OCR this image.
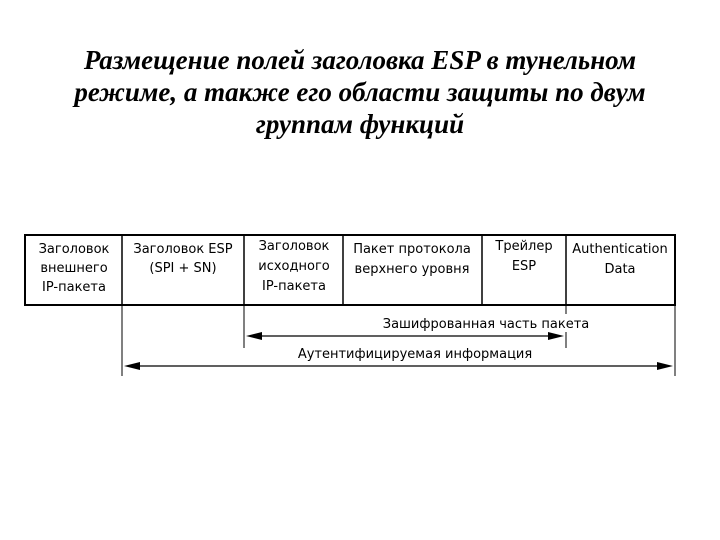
Размещение полей заголовка ESP в тунельном
режиме, а также его области защиты по двум
группам функций
Заголовок
внешнего
IP-пакета
Заголовок ESP
(SPI + SN)
Заголовок
исходного
IP-пакета
Пакет протокола
верхнего уровня
Трейлер
ESP
Authentication
Data
Зашифрованная часть пакета
Аутентифицируемая информация
